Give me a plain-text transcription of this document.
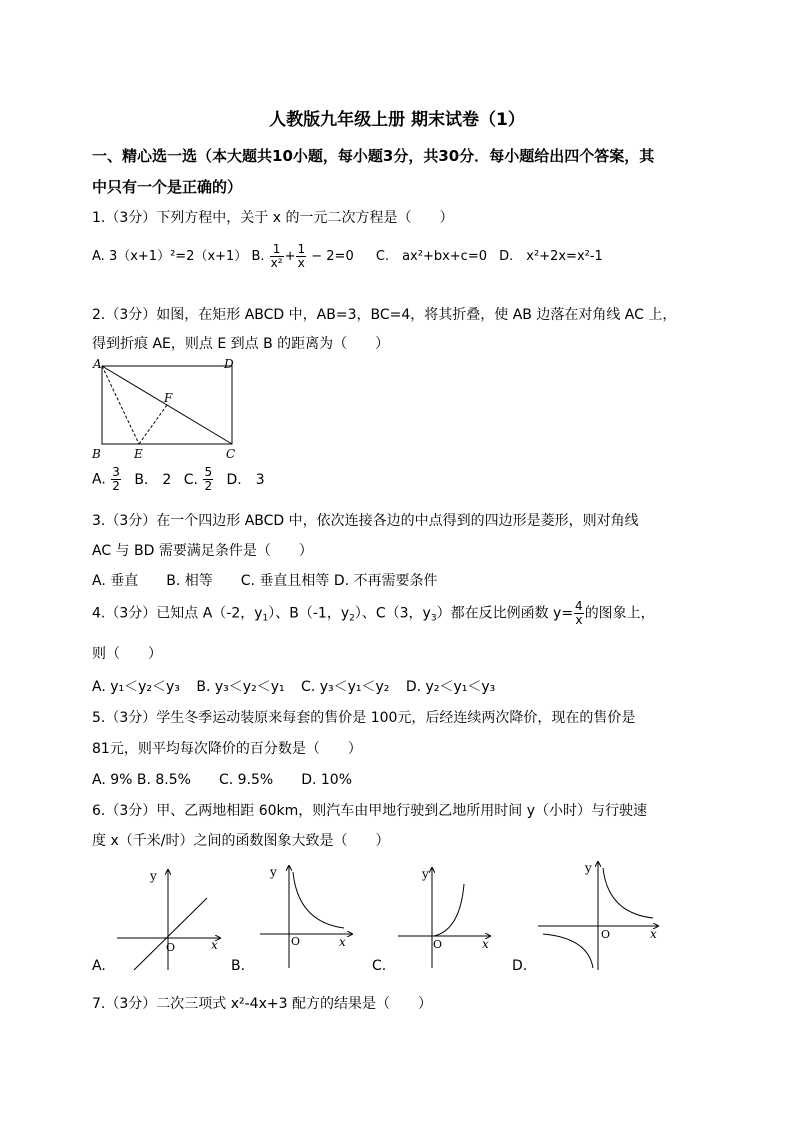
人教版九年级上册 期末试卷（1）
一、精心选一选（本大题共10小题，每小题3分，共30分．每小题给出四个答案，其
中只有一个是正确的）
1.（3分）下列方程中，关于 x 的一元二次方程是（　　）
A. 3（x+1）²=2（x+1） B. $\frac{1}{\text{x²}} + \frac{1}{x} - 2=0$ C.　ax²+bx+c=0 D.　x²+2x=x²-1
2.（3分）如图，在矩形 ABCD 中，AB=3，BC=4，将其折叠，使 AB 边落在对角线 AC 上，
得到折痕 AE，则点 E 到点 B 的距离为（　　）
A	D
F
B	E	C
A. $\frac{3}{2} B$.　2 C. $\frac{5}{2} D$.　3
3.（3分）在一个四边形 ABCD 中，依次连接各边的中点得到的四边形是菱形，则对角线
AC 与 BD 需要满足条件是（　　）
A. 垂直　　B. 相等　　C. 垂直且相等 D. 不再需要条件
4.（3分）已知点 A（-2，$y_1$）、B（-1，$y_2$）、C（3，$y_3$）都在反比例函数 $y= \frac{4}{x}$ 的图象上，
则（　　）
A. y₁＜y₂＜y₃ B. y₃＜y₂＜y₁ C. y₃＜y₁＜y₂ D. y₂＜y₁＜y₃
5.（3分）学生冬季运动装原来每套的售价是 100元，后经连续两次降价，现在的售价是
81元，则平均每次降价的百分数是（　　）
A. 9% B. 8.5%　　C. 9.5%　　D. 10%
6.（3分）甲、乙两地相距 60km，则汽车由甲地行驶到乙地所用时间 y（小时）与行驶速
度 x（千米/时）之间的函数图象大致是（　　）
y
x
O
y
x
O
y
x
O
y
x
O
A.	B.	C.	D.
7.（3分）二次三项式 x²-4x+3 配方的结果是（　　）
